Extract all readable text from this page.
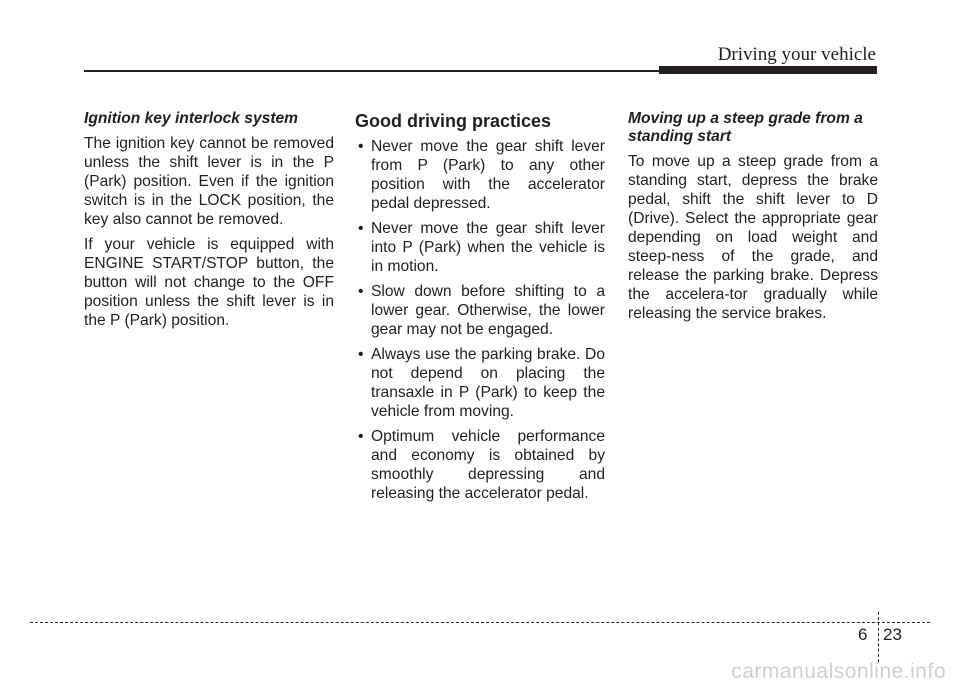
Driving your vehicle
Ignition key interlock system

The ignition key cannot be removed unless the shift lever is in the P (Park) position. Even if the ignition switch is in the LOCK position, the key also cannot be removed.

If your vehicle is equipped with ENGINE START/STOP button, the button will not change to the OFF position unless the shift lever is in the P (Park) position.

Good driving practices
• Never move the gear shift lever from P (Park) to any other position with the accelerator pedal depressed.
• Never move the gear shift lever into P (Park) when the vehicle is in motion.
• Slow down before shifting to a lower gear. Otherwise, the lower gear may not be engaged.
• Always use the parking brake. Do not depend on placing the transaxle in P (Park) to keep the vehicle from moving.
• Optimum vehicle performance and economy is obtained by smoothly depressing and releasing the accelerator pedal.
Moving up a steep grade from a standing start

To move up a steep grade from a standing start, depress the brake pedal, shift the shift lever to D (Drive). Select the appropriate gear depending on load weight and steep-ness of the grade, and release the parking brake. Depress the accelera-tor gradually while releasing the service brakes.

6 23
carmanualsonline.info
